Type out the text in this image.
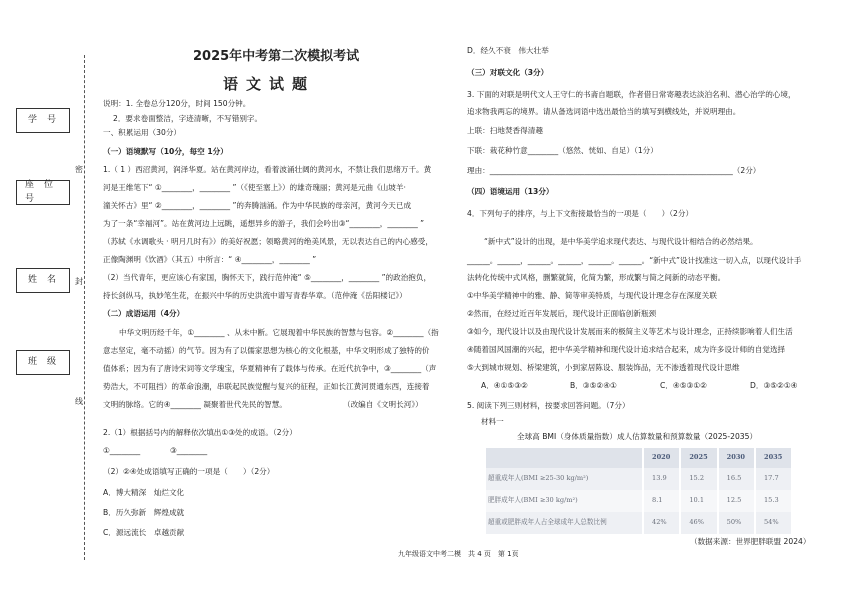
学号
座位号
姓名
班级
密
封
线
2025年中考第二次模拟考试
语文试题
说明：1. 全卷总分120分，时间 150分钟。
2．要求卷面整洁，字迹清晰，不写错别字。
一、积累运用（30分）
（一）语境默写（10分，每空 1分）
1.（ 1 ）西沼黄河，润泽华夏。站在黄河岸边，看着波涌壮阔的黄河水，不禁让我们思绪万千。黄
河是王维笔下“ ①________，________ ”（《使至塞上》）的雄奇瑰丽；黄河是元曲《山坡羊·
潼关怀古》里“ ②________，________ ”的奔腾汹涌。作为中华民族的母亲河，黄河今天已成
为了一条“幸福河”。站在黄河边上远眺，遥想异乡的游子，我们会吟出③“________，________ ”
（苏轼《水调歌头 · 明月几时有》）的美好祝愿；领略黄河的绝美风景，无以表达自己的内心感受，
正像陶渊明《饮酒》（其五）中所言：“ ④________，________ ”
（2）当代青年，更应该心有家国，胸怀天下，践行范仲淹“ ⑤________，________ ”的政治抱负，
持长剑纵马，执妙笔生花，在振兴中华的历史洪流中谱写青春华章。（范仲淹《岳阳楼记》）
（二）成语运用（4分）
中华文明历经千年，①________ 、从未中断。它展现着中华民族的智慧与包容。②________（指
意志坚定，毫不动摇）的气节。因为有了以儒家思想为核心的文化根基，中华文明形成了独特的价
值体系；因为有了唐诗宋词等文学瑰宝，华夏精神有了载体与传承。在近代抗争中，③________（声
势浩大，不可阻挡）的革命浪潮，串联起民族觉醒与复兴的征程，正如长江黄河贯通东西，连接着
文明的脉络。它的④________ 凝聚着世代先民的智慧。	（改编自《文明长河》）
2.（1）根据括号内的解释依次填出①③处的成语。（2分）
①________	③________
（2）②④处成语填写正确的一项是（　　）（2分）
A．博大精深　灿烂文化
B．历久弥新　辉煌成就
C．源远流长　卓越贡献
D．经久不衰　伟大壮举
（三）对联文化（3分）
3. 下面的对联是明代文人王守仁的书斋自题联，作者借日常寄趣表达淡泊名利、潜心治学的心境，
追求物我两忘的境界。请从备选词语中选出最恰当的填写到横线处，并说明理由。
上联：扫地焚香得清趣
下联：栽花种竹意________（悠然、恍如、自足）（1分）
理由：________________________________________________________________（2分）
（四）语境运用（13分）
4．下列句子的排序，与上下文衔接最恰当的一项是（　　）（2分）
“新中式”设计的出现，是中华美学追求现代表达、与现代设计相结合的必然结果。
______。______，______。______，______。______。“新中式”设计找准这一切入点，以现代设计手
法转化传统中式风格，删繁就简，化简为繁，形成繁与简之间新的动态平衡。
①中华美学精神中的雅、静、简等审美特质，与现代设计理念存在深度关联
②然而，在经过近百年发展后，现代设计正面临创新瓶颈
③如今，现代设计以及由现代设计发展而来的极简主义等艺术与设计理念，正持续影响着人们生活
④随着国风国潮的兴起，把中华美学精神和现代设计追求结合起来，成为许多设计师的自觉选择
⑤大到城市规划、桥梁建筑，小到家居陈设、服装饰品，无不渗透着现代设计思维
A．④①⑤③②	B．③⑤②④①	C．④⑤③①②	D．③⑤②①④
5. 阅读下列三则材料，按要求回答问题。（7分）
材料一
全球高 BMI（身体质量指数）成人估算数量和预算数量（2025-2035）
	2020	2025	2030	2035
超重成年人(BMI ≥25-30 kg/m²)	13.9	15.2	16.5	17.7
肥胖成年人(BMI ≥30 kg/m²)	8.1	10.1	12.5	15.3
超重或肥胖成年人占全球成年人总数比例	42%	46%	50%	54%
（数据来源：世界肥胖联盟 2024）
九年级语文中考二模　共 4 页　第 1页
